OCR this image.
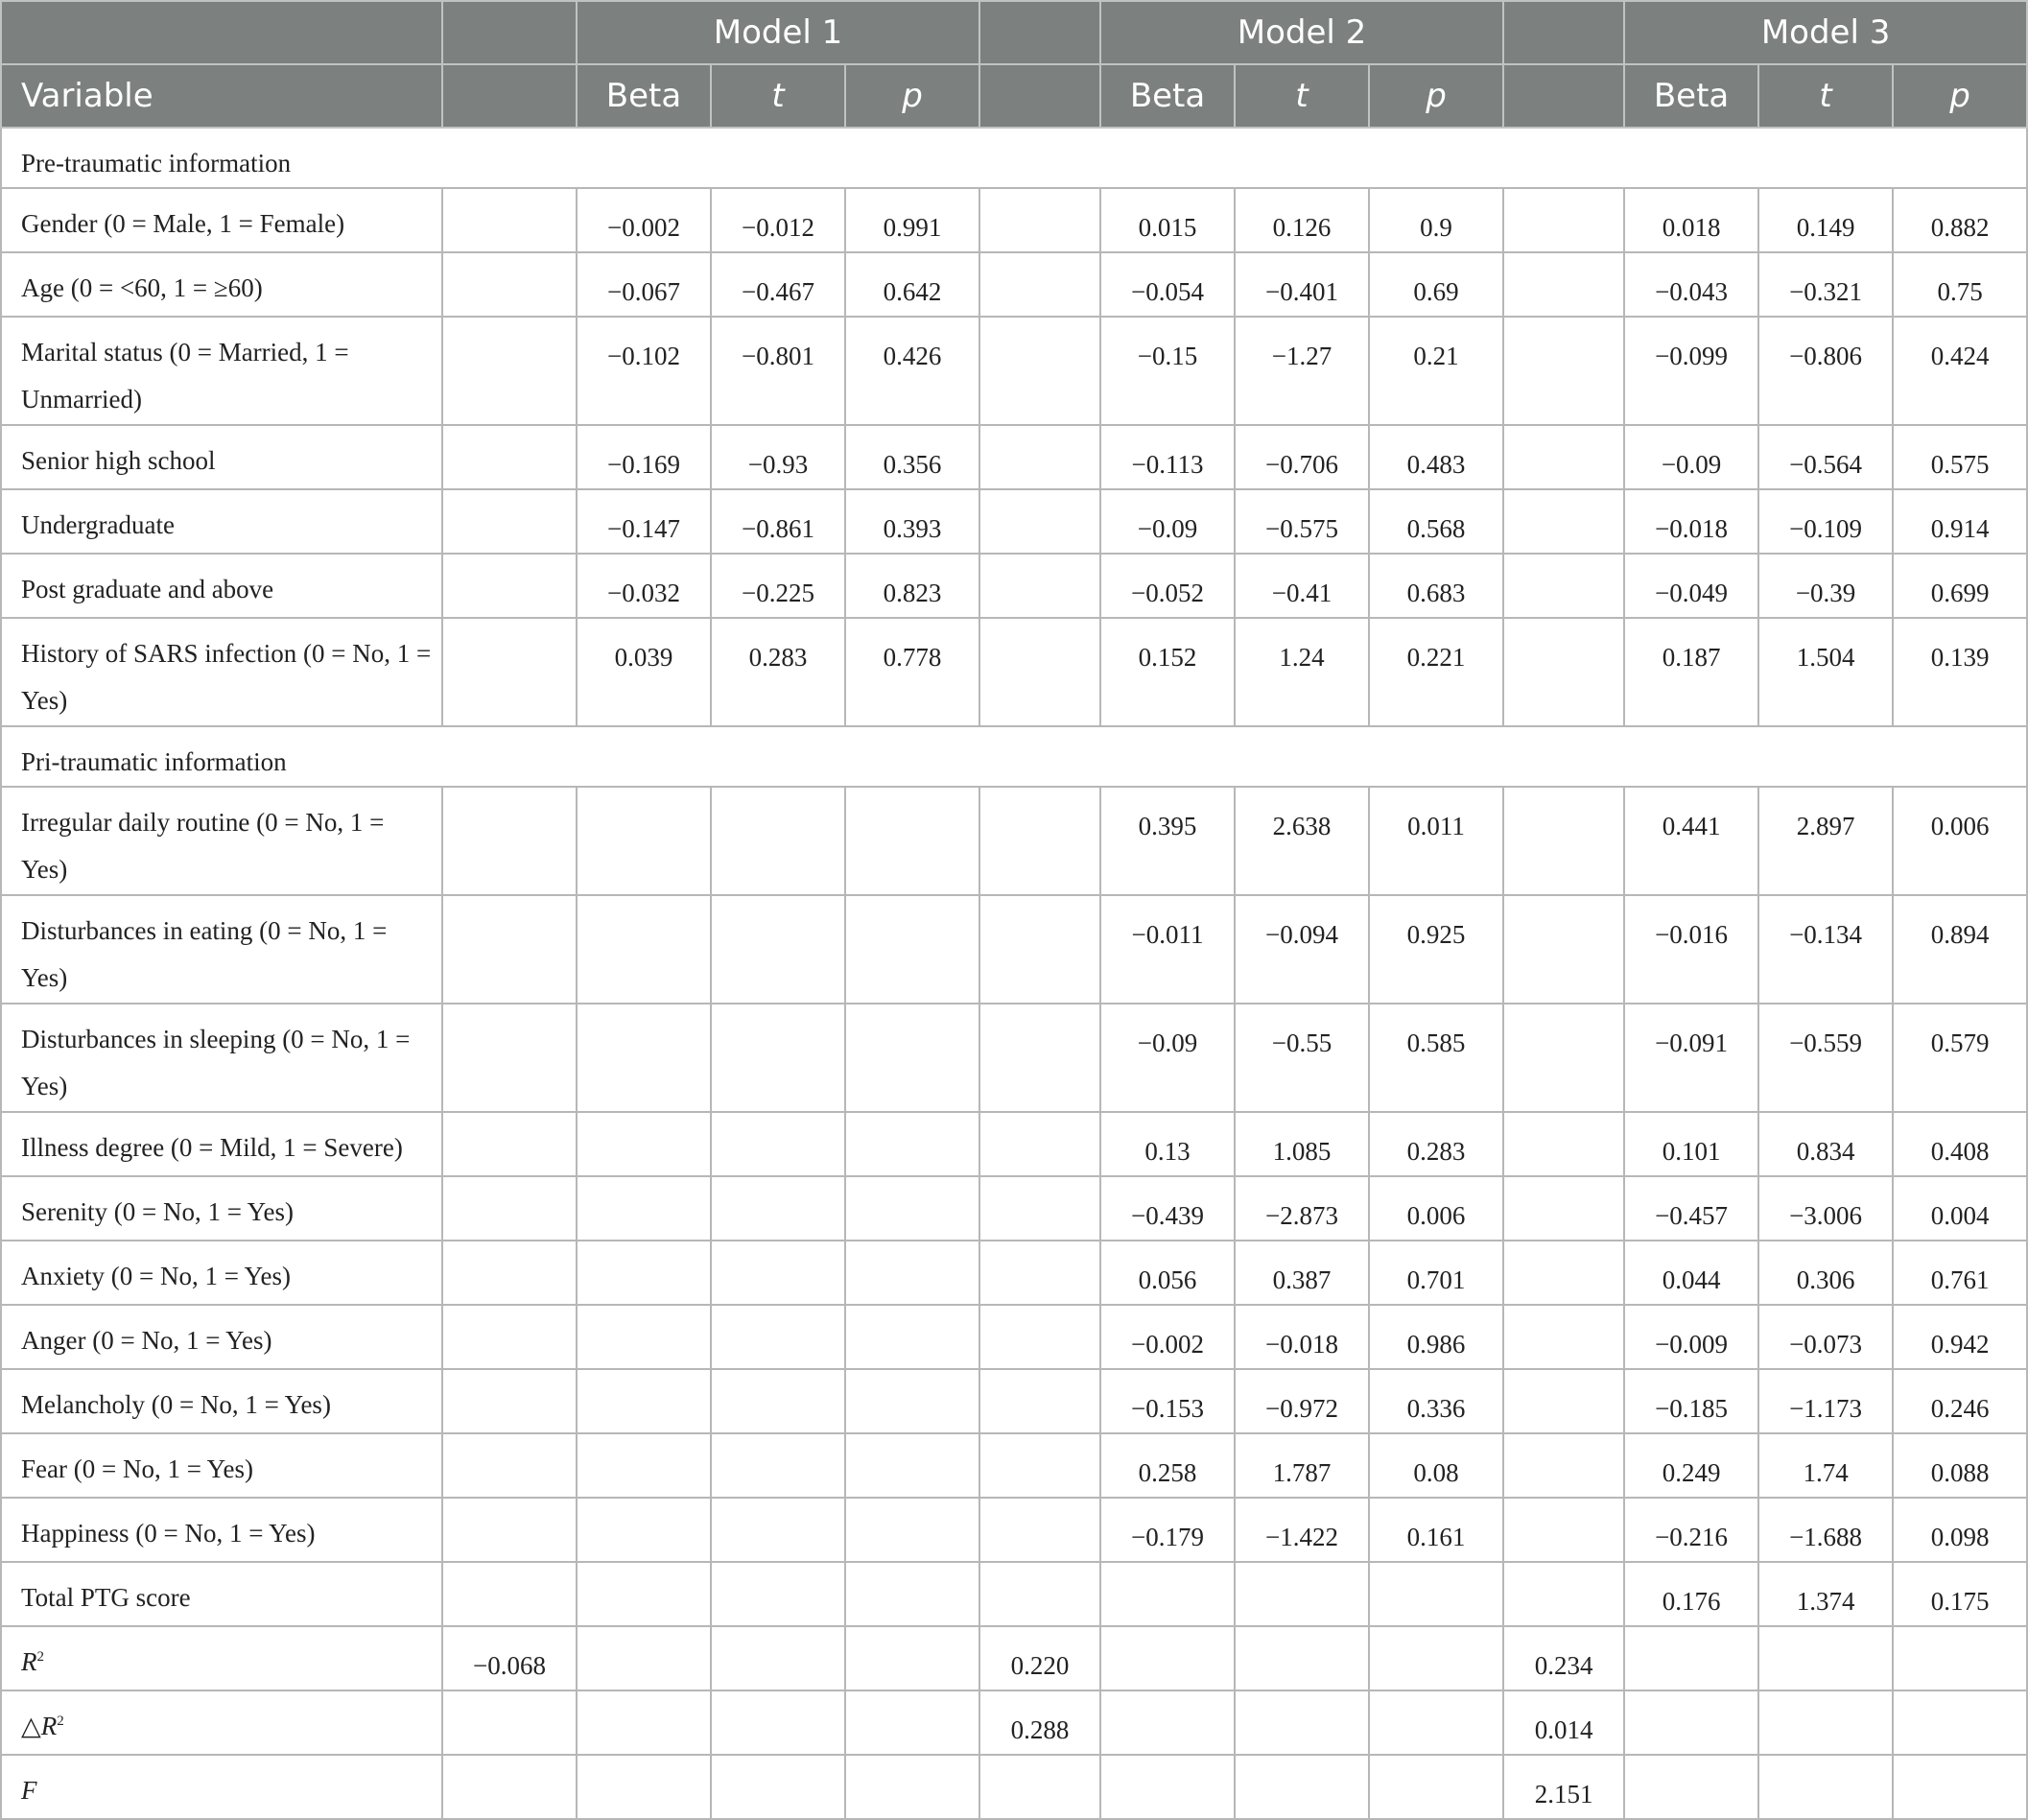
		Model 1				Model 2				Model 3		
Variable		Beta	t	p		Beta	t	p		Beta	t	p
Pre-traumatic information												
Gender (0 = Male, 1 = Female)		−0.002	−0.012	0.991		0.015	0.126	0.9		0.018	0.149	0.882
Age (0 = <60, 1 = ≥60)		−0.067	−0.467	0.642		−0.054	−0.401	0.69		−0.043	−0.321	0.75
Marital status (0 = Married, 1 = Unmarried)		−0.102	−0.801	0.426		−0.15	−1.27	0.21		−0.099	−0.806	0.424
Senior high school		−0.169	−0.93	0.356		−0.113	−0.706	0.483		−0.09	−0.564	0.575
Undergraduate		−0.147	−0.861	0.393		−0.09	−0.575	0.568		−0.018	−0.109	0.914
Post graduate and above		−0.032	−0.225	0.823		−0.052	−0.41	0.683		−0.049	−0.39	0.699
History of SARS infection (0 = No, 1 = Yes)		0.039	0.283	0.778		0.152	1.24	0.221		0.187	1.504	0.139
Pri-traumatic information												
Irregular daily routine (0 = No, 1 = Yes)						0.395	2.638	0.011		0.441	2.897	0.006
Disturbances in eating (0 = No, 1 = Yes)						−0.011	−0.094	0.925		−0.016	−0.134	0.894
Disturbances in sleeping (0 = No, 1 = Yes)						−0.09	−0.55	0.585		−0.091	−0.559	0.579
Illness degree (0 = Mild, 1 = Severe)						0.13	1.085	0.283		0.101	0.834	0.408
Serenity (0 = No, 1 = Yes)						−0.439	−2.873	0.006		−0.457	−3.006	0.004
Anxiety (0 = No, 1 = Yes)						0.056	0.387	0.701		0.044	0.306	0.761
Anger (0 = No, 1 = Yes)						−0.002	−0.018	0.986		−0.009	−0.073	0.942
Melancholy (0 = No, 1 = Yes)						−0.153	−0.972	0.336		−0.185	−1.173	0.246
Fear (0 = No, 1 = Yes)						0.258	1.787	0.08		0.249	1.74	0.088
Happiness (0 = No, 1 = Yes)						−0.179	−1.422	0.161		−0.216	−1.688	0.098
Total PTG score										0.176	1.374	0.175
$R^2$	−0.068				0.220				0.234			
$\triangle R^2$					0.288				0.014			
F									2.151			
